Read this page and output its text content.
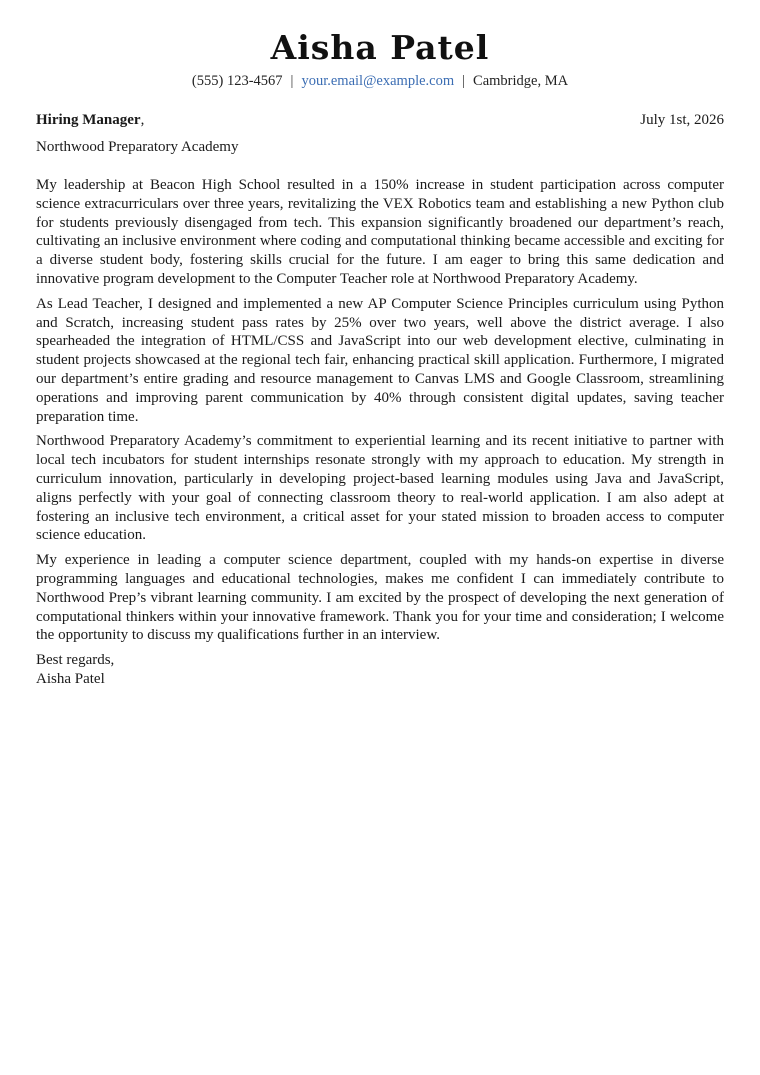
Aisha Patel
(555) 123-4567 | your.email@example.com | Cambridge, MA
Hiring Manager,	July 1st, 2026
Northwood Preparatory Academy

My leadership at Beacon High School resulted in a 150% increase in student participation across computer science extracurriculars over three years, revitalizing the VEX Robotics team and establishing a new Python club for students previously disengaged from tech. This expansion significantly broadened our department’s reach, cultivating an inclusive environment where coding and computational thinking became accessible and exciting for a diverse student body, fostering skills crucial for the future. I am eager to bring this same dedication and innovative program development to the Computer Teacher role at Northwood Preparatory Academy.

As Lead Teacher, I designed and implemented a new AP Computer Science Principles curriculum using Python and Scratch, increasing student pass rates by 25% over two years, well above the district average. I also spearheaded the integration of HTML/CSS and JavaScript into our web development elective, culminating in student projects showcased at the regional tech fair, enhancing practical skill application. Furthermore, I migrated our department’s entire grading and resource management to Canvas LMS and Google Classroom, streamlining operations and improving parent communication by 40% through consistent digital updates, saving teacher preparation time.

Northwood Preparatory Academy’s commitment to experiential learning and its recent initiative to partner with local tech incubators for student internships resonate strongly with my approach to education. My strength in curriculum innovation, particularly in developing project-based learning modules using Java and JavaScript, aligns perfectly with your goal of connecting classroom theory to real-world application. I am also adept at fostering an inclusive tech environment, a critical asset for your stated mission to broaden access to computer science education.

My experience in leading a computer science department, coupled with my hands-on expertise in diverse programming languages and educational technologies, makes me confident I can immediately contribute to Northwood Prep’s vibrant learning community. I am excited by the prospect of developing the next generation of computational thinkers within your innovative framework. Thank you for your time and consideration; I welcome the opportunity to discuss my qualifications further in an interview.

Best regards,
Aisha Patel
